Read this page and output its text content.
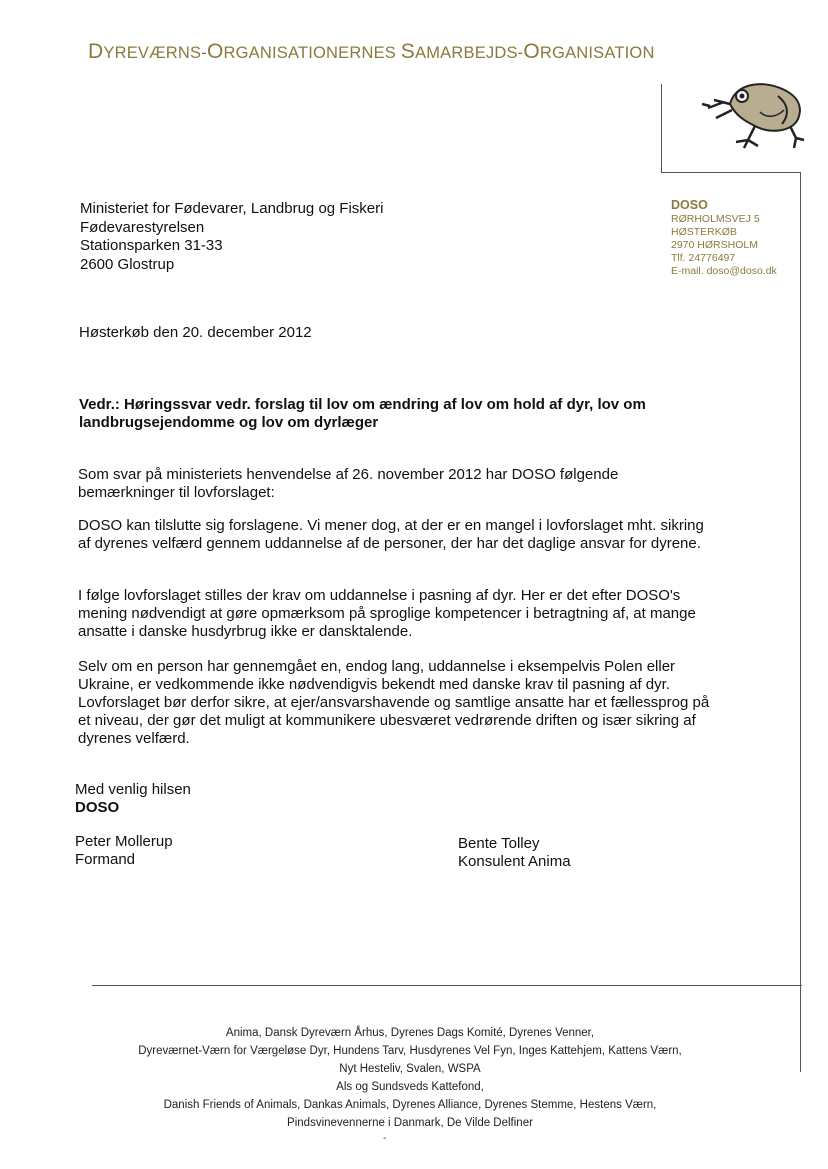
DYREVÆRNS-ORGANISATIONERNES SAMARBEJDS-ORGANISATION
DOSO
RØRHOLMSVEJ 5
HØSTERKØB
2970 HØRSHOLM
Tlf. 24776497
E-mail. doso@doso.dk
Ministeriet for Fødevarer, Landbrug og Fiskeri
Fødevarestyrelsen
Stationsparken 31-33
2600 Glostrup
Høsterkøb den 20. december 2012
Vedr.: Høringssvar vedr. forslag til lov om ændring af lov om hold af dyr, lov om landbrugsejendomme og lov om dyrlæger
Som svar på ministeriets henvendelse af 26. november 2012 har DOSO følgende bemærkninger til lovforslaget:
DOSO kan tilslutte sig forslagene. Vi mener dog, at der er en mangel i lovforslaget mht. sikring af dyrenes velfærd gennem uddannelse af de personer, der har det daglige ansvar for dyrene.
I følge lovforslaget stilles der krav om uddannelse i pasning af dyr. Her er det efter DOSO's mening nødvendigt at gøre opmærksom på sproglige kompetencer i betragtning af, at mange ansatte i danske husdyrbrug ikke er dansktalende.
Selv om en person har gennemgået en, endog lang, uddannelse i eksempelvis Polen eller Ukraine, er vedkommende ikke nødvendigvis bekendt med danske krav til pasning af dyr. Lovforslaget bør derfor sikre, at ejer/ansvarshavende og samtlige ansatte har et fællessprog på et niveau, der gør det muligt at kommunikere ubesværet vedrørende driften og især sikring af dyrenes velfærd.
Med venlig hilsen
DOSO
Peter Mollerup
Formand
Bente Tolley
Konsulent Anima
Anima, Dansk Dyreværn Århus, Dyrenes Dags Komité, Dyrenes Venner,
Dyreværnet-Værn for Værgeløse Dyr, Hundens Tarv, Husdyrenes Vel Fyn, Inges Kattehjem, Kattens Værn,
Nyt Hesteliv, Svalen, WSPA
Als og Sundsveds Kattefond,
Danish Friends of Animals, Dankas Animals, Dyrenes Alliance, Dyrenes Stemme, Hestens Værn,
Pindsvinevennerne i Danmark, De Vilde Delfiner
-
